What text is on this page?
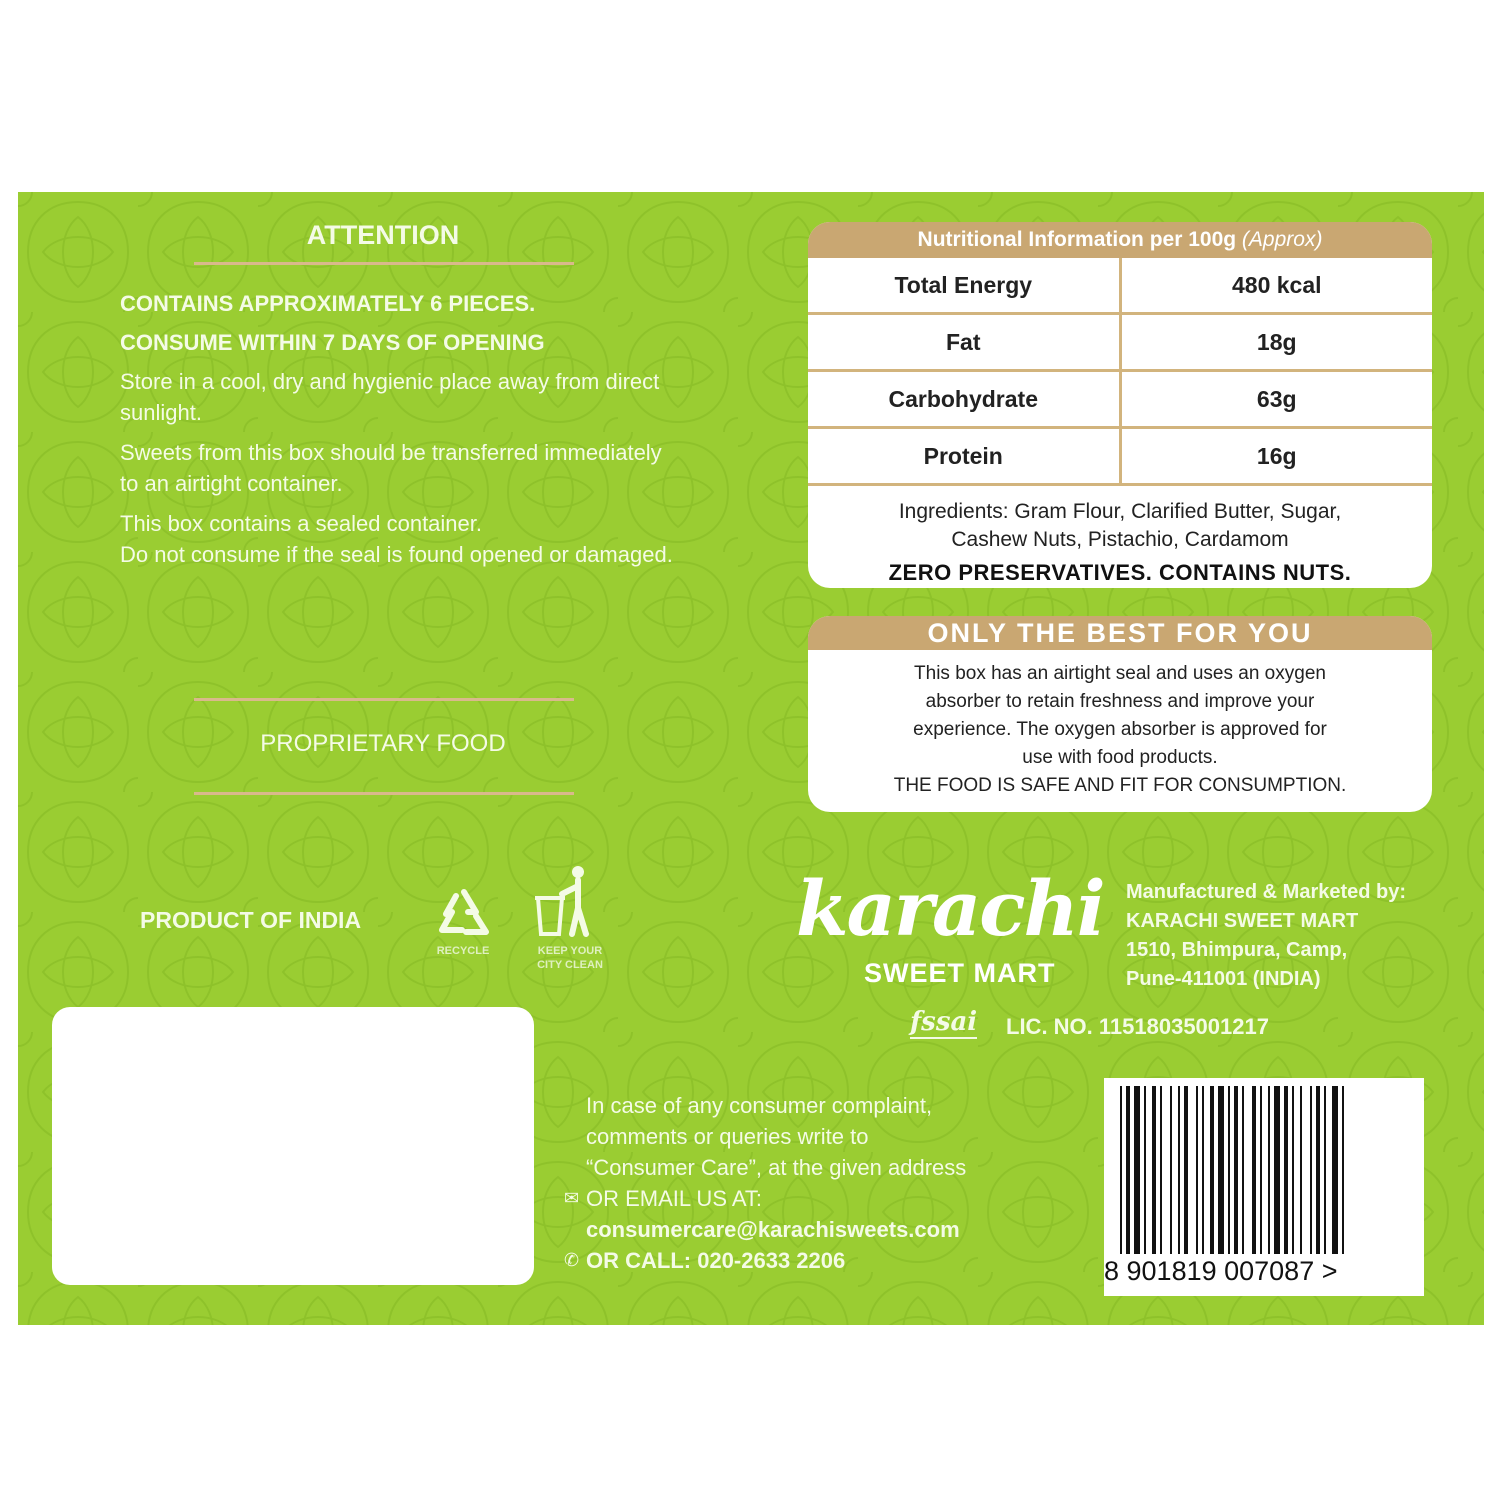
ATTENTION

CONTAINS APPROXIMATELY 6 PIECES.

CONSUME WITHIN 7 DAYS OF OPENING

Store in a cool, dry and hygienic place away from direct sunlight.

Sweets from this box should be transferred immediately to an airtight container.

This box contains a sealed container.

Do not consume if the seal is found opened or damaged.

PROPRIETARY FOOD
PRODUCT OF INDIA
RECYCLE	KEEP YOUR
CITY CLEAN
Nutritional Information per 100g (Approx)
Total Energy	480 kcal
Fat	18g
Carbohydrate	63g
Protein	16g
Ingredients: Gram Flour, Clarified Butter, Sugar,
Cashew Nuts, Pistachio, Cardamom
ZERO PRESERVATIVES. CONTAINS NUTS.
ONLY THE BEST FOR YOU
This box has an airtight seal and uses an oxygen
absorber to retain freshness and improve your
experience. The oxygen absorber is approved for
use with food products.
THE FOOD IS SAFE AND FIT FOR CONSUMPTION.
karachi
SWEET MART
Manufactured & Marketed by:
KARACHI SWEET MART
1510, Bhimpura, Camp,
Pune-411001 (INDIA)
fssai LIC. NO. 11518035001217
In case of any consumer complaint,
comments or queries write to
“Consumer Care”, at the given address
✉ OR EMAIL US AT:
consumercare@karachisweets.com
✆ OR CALL: 020-2633 2206	8 901819 007087 >
